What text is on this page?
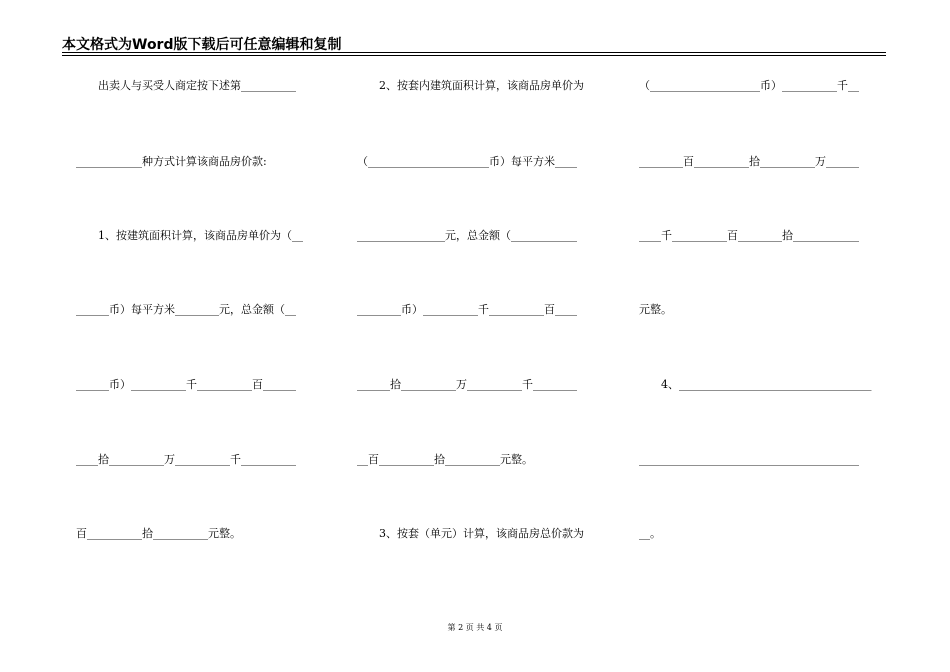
本文格式为Word版下载后可任意编辑和复制
　　出卖人与买受人商定按下述第__________
____________种方式计算该商品房价款:
　　1、按建筑面积计算，该商品房单价为（__
______币）每平方米________元，总金额（__
______币）__________千__________百______
____拾__________万__________千__________
百__________拾__________元整。
　　2、按套内建筑面积计算，该商品房单价为
（______________________币）每平方米____
________________元，总金额（____________
________币）__________千__________百____
______拾__________万__________千________
__百__________拾__________元整。
　　3、按套（单元）计算，该商品房总价款为
（____________________币）__________千__
________百__________拾__________万______
____千__________百________拾____________
元整。
　　4、___________________________________
________________________________________
__。
第 2 页 共 4 页
